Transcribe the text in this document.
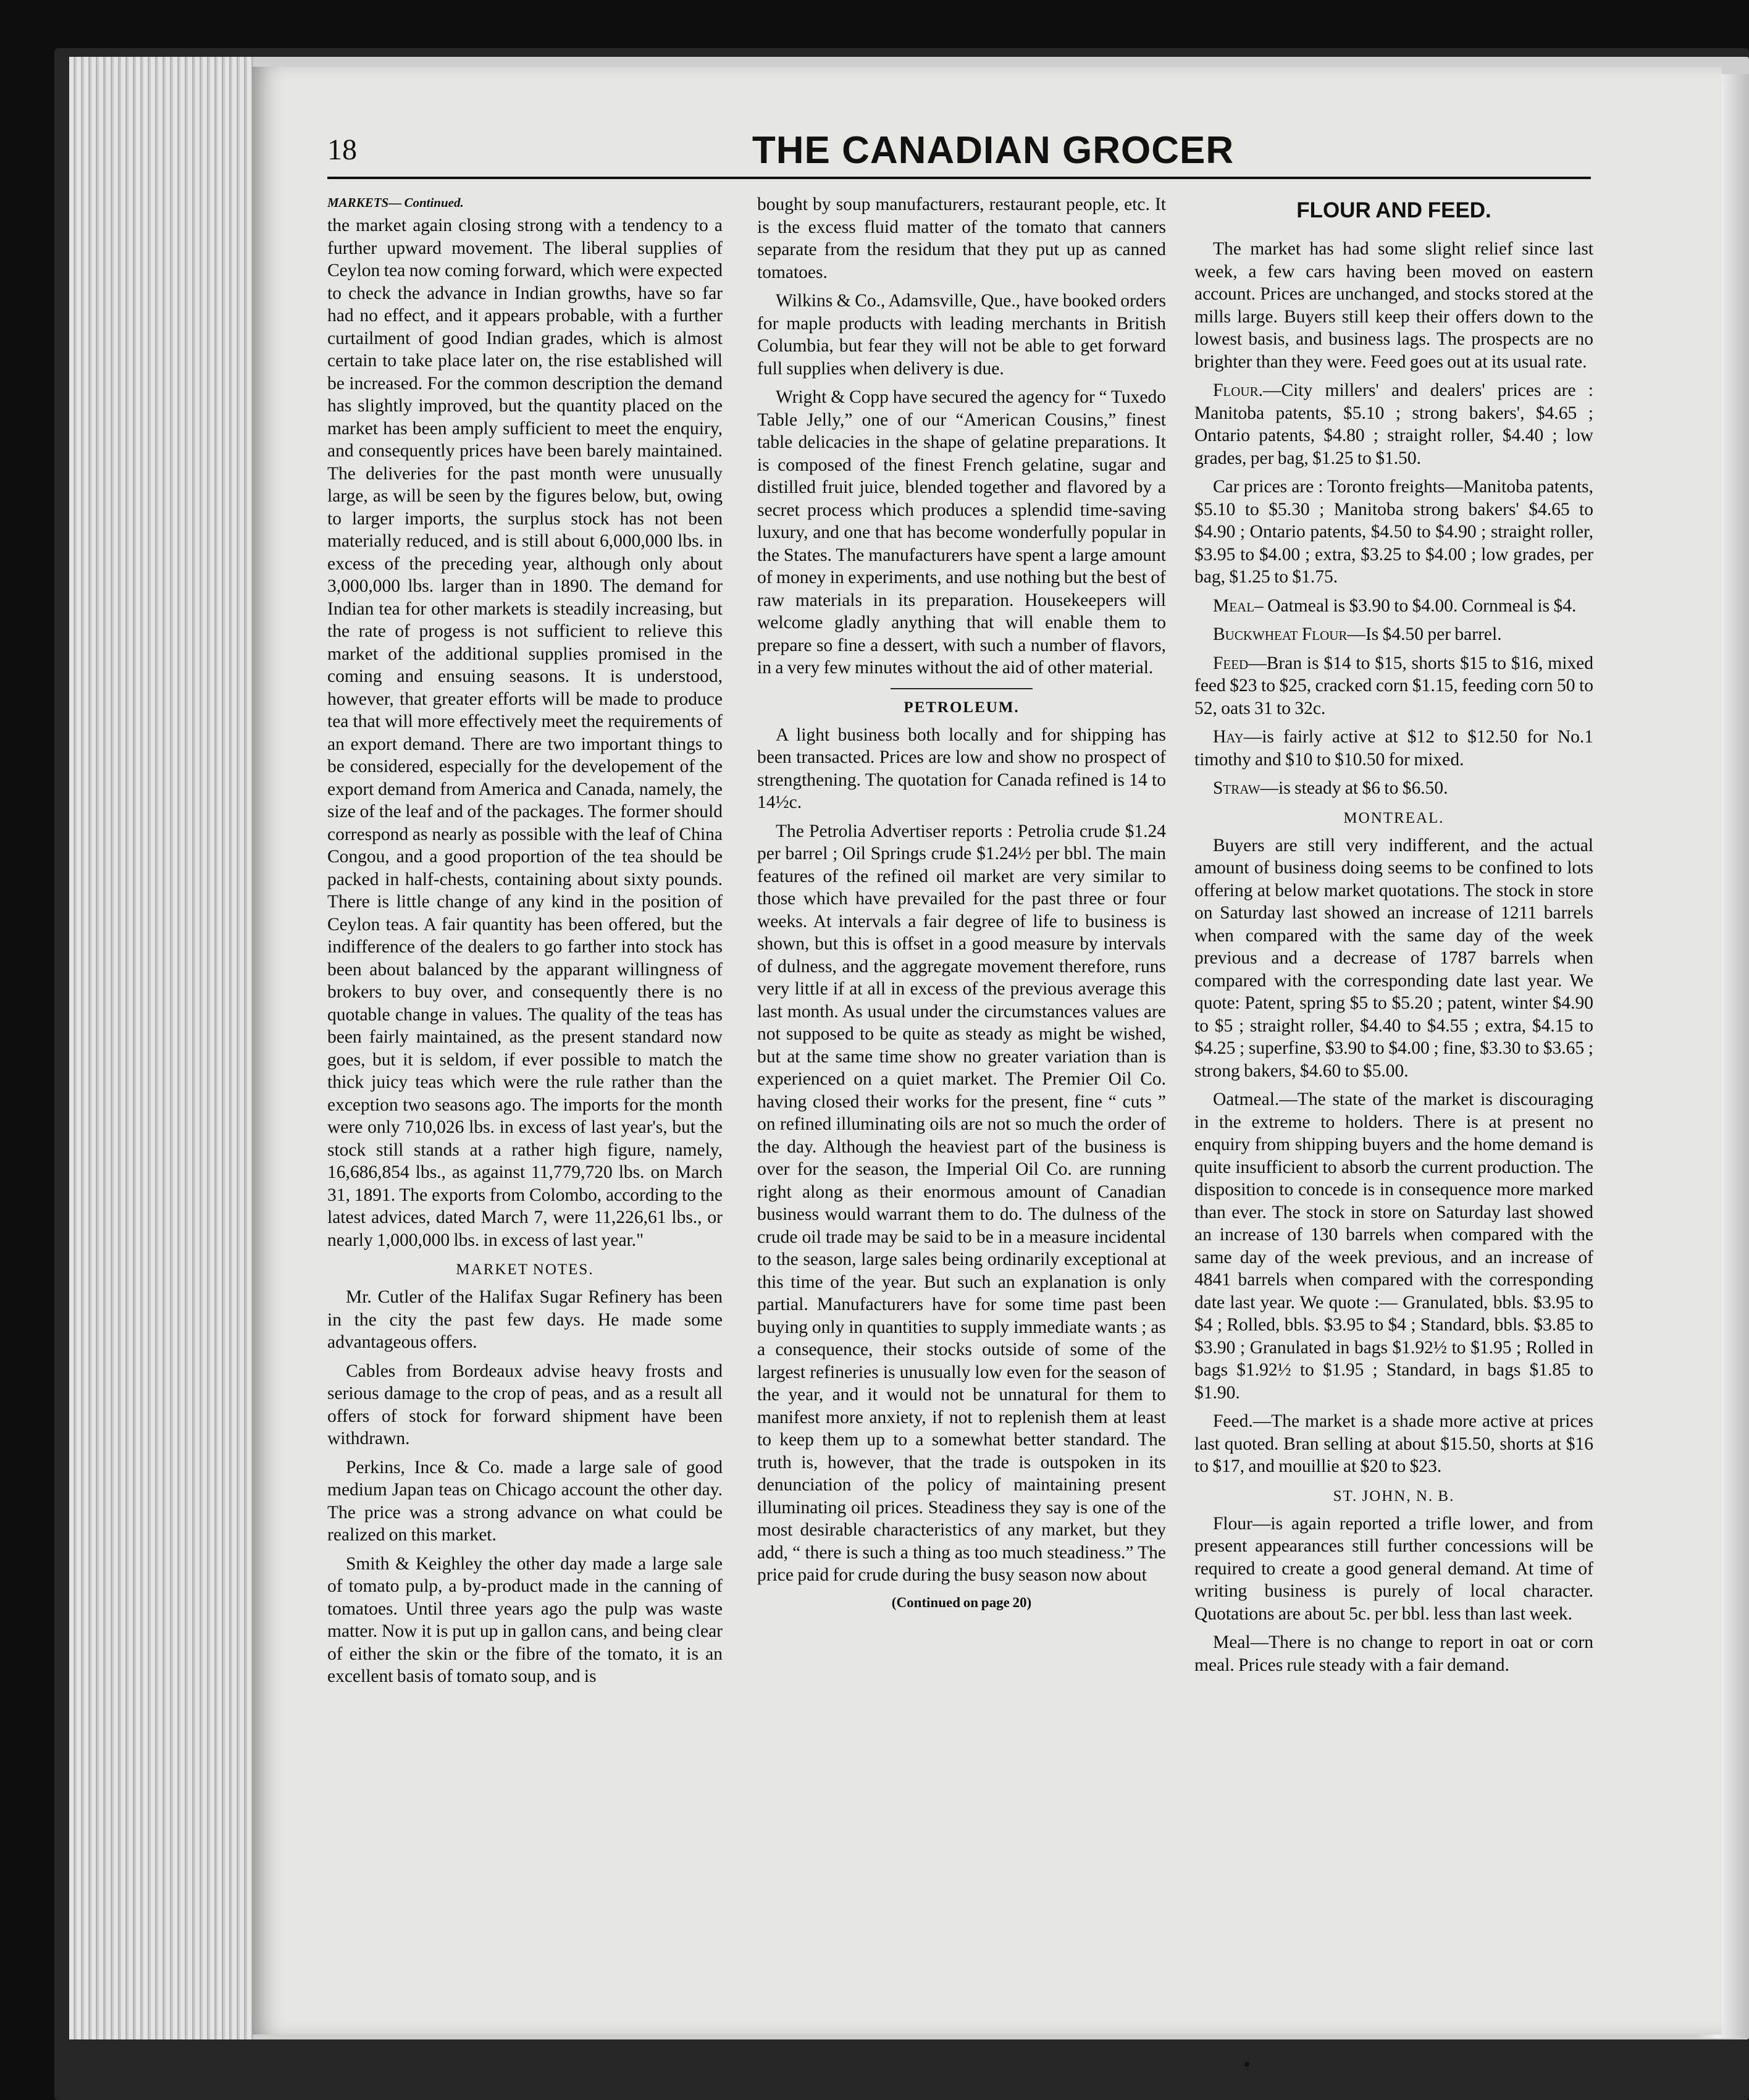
18	THE CANADIAN GROCER
MARKETS— Continued.

the market again closing strong with a tendency to a further upward movement. The liberal supplies of Ceylon tea now coming forward, which were expected to check the advance in Indian growths, have so far had no effect, and it appears probable, with a further curtailment of good Indian grades, which is almost certain to take place later on, the rise established will be increased. For the common description the demand has slightly improved, but the quantity placed on the market has been amply sufficient to meet the enquiry, and consequently prices have been barely maintained. The deliveries for the past month were unusually large, as will be seen by the figures below, but, owing to larger imports, the surplus stock has not been materially reduced, and is still about 6,000,000 lbs. in excess of the preceding year, although only about 3,000,000 lbs. larger than in 1890. The demand for Indian tea for other markets is steadily increasing, but the rate of progess is not sufficient to relieve this market of the additional supplies promised in the coming and ensuing seasons. It is understood, however, that greater efforts will be made to produce tea that will more effectively meet the requirements of an export demand. There are two important things to be considered, especially for the developement of the export demand from America and Canada, namely, the size of the leaf and of the packages. The former should correspond as nearly as possible with the leaf of China Congou, and a good proportion of the tea should be packed in half-chests, containing about sixty pounds. There is little change of any kind in the position of Ceylon teas. A fair quantity has been offered, but the indifference of the dealers to go farther into stock has been about balanced by the apparant willingness of brokers to buy over, and consequently there is no quotable change in values. The quality of the teas has been fairly maintained, as the present standard now goes, but it is seldom, if ever possible to match the thick juicy teas which were the rule rather than the exception two seasons ago. The imports for the month were only 710,026 lbs. in excess of last year's, but the stock still stands at a rather high figure, namely, 16,686,854 lbs., as against 11,779,720 lbs. on March 31, 1891. The exports from Colombo, according to the latest advices, dated March 7, were 11,226,61 lbs., or nearly 1,000,000 lbs. in excess of last year."

MARKET NOTES.

Mr. Cutler of the Halifax Sugar Refinery has been in the city the past few days. He made some advantageous offers.

Cables from Bordeaux advise heavy frosts and serious damage to the crop of peas, and as a result all offers of stock for forward shipment have been withdrawn.

Perkins, Ince & Co. made a large sale of good medium Japan teas on Chicago account the other day. The price was a strong advance on what could be realized on this market.

Smith & Keighley the other day made a large sale of tomato pulp, a by-product made in the canning of tomatoes. Until three years ago the pulp was waste matter. Now it is put up in gallon cans, and being clear of either the skin or the fibre of the tomato, it is an excellent basis of tomato soup, and is

bought by soup manufacturers, restaurant people, etc. It is the excess fluid matter of the tomato that canners separate from the residum that they put up as canned tomatoes.

Wilkins & Co., Adamsville, Que., have booked orders for maple products with leading merchants in British Columbia, but fear they will not be able to get forward full supplies when delivery is due.

Wright & Copp have secured the agency for “ Tuxedo Table Jelly,” one of our “American Cousins,” finest table delicacies in the shape of gelatine preparations. It is composed of the finest French gelatine, sugar and distilled fruit juice, blended together and flavored by a secret process which produces a splendid time-saving luxury, and one that has become wonderfully popular in the States. The manufacturers have spent a large amount of money in experiments, and use nothing but the best of raw materials in its preparation. Housekeepers will welcome gladly anything that will enable them to prepare so fine a dessert, with such a number of flavors, in a very few minutes without the aid of other material.

PETROLEUM.

A light business both locally and for shipping has been transacted. Prices are low and show no prospect of strengthening. The quotation for Canada refined is 14 to 14½c.

The Petrolia Advertiser reports : Petrolia crude $1.24 per barrel ; Oil Springs crude $1.24½ per bbl. The main features of the refined oil market are very similar to those which have prevailed for the past three or four weeks. At intervals a fair degree of life to business is shown, but this is offset in a good measure by intervals of dulness, and the aggregate movement therefore, runs very little if at all in excess of the previous average this last month. As usual under the circumstances values are not supposed to be quite as steady as might be wished, but at the same time show no greater variation than is experienced on a quiet market. The Premier Oil Co. having closed their works for the present, fine “ cuts ” on refined illuminating oils are not so much the order of the day. Although the heaviest part of the business is over for the season, the Imperial Oil Co. are running right along as their enormous amount of Canadian business would warrant them to do. The dulness of the crude oil trade may be said to be in a measure incidental to the season, large sales being ordinarily exceptional at this time of the year. But such an explanation is only partial. Manufacturers have for some time past been buying only in quantities to supply immediate wants ; as a consequence, their stocks outside of some of the largest refineries is unusually low even for the season of the year, and it would not be unnatural for them to manifest more anxiety, if not to replenish them at least to keep them up to a somewhat better standard. The truth is, however, that the trade is outspoken in its denunciation of the policy of maintaining present illuminating oil prices. Steadiness they say is one of the most desirable characteristics of any market, but they add, “ there is such a thing as too much steadiness.” The price paid for crude during the busy season now about

(Continued on page 20)
FLOUR AND FEED.

The market has had some slight relief since last week, a few cars having been moved on eastern account. Prices are unchanged, and stocks stored at the mills large. Buyers still keep their offers down to the lowest basis, and business lags. The prospects are no brighter than they were. Feed goes out at its usual rate.

Flour.—City millers' and dealers' prices are : Manitoba patents, $5.10 ; strong bakers', $4.65 ; Ontario patents, $4.80 ; straight roller, $4.40 ; low grades, per bag, $1.25 to $1.50.

Car prices are : Toronto freights—Manitoba patents, $5.10 to $5.30 ; Manitoba strong bakers' $4.65 to $4.90 ; Ontario patents, $4.50 to $4.90 ; straight roller, $3.95 to $4.00 ; extra, $3.25 to $4.00 ; low grades, per bag, $1.25 to $1.75.

Meal– Oatmeal is $3.90 to $4.00. Cornmeal is $4.

Buckwheat Flour—Is $4.50 per barrel.

Feed—Bran is $14 to $15, shorts $15 to $16, mixed feed $23 to $25, cracked corn $1.15, feeding corn 50 to 52, oats 31 to 32c.

Hay—is fairly active at $12 to $12.50 for No.1 timothy and $10 to $10.50 for mixed.

Straw—is steady at $6 to $6.50.

MONTREAL.

Buyers are still very indifferent, and the actual amount of business doing seems to be confined to lots offering at below market quotations. The stock in store on Saturday last showed an increase of 1211 barrels when compared with the same day of the week previous and a decrease of 1787 barrels when compared with the corresponding date last year. We quote: Patent, spring $5 to $5.20 ; patent, winter $4.90 to $5 ; straight roller, $4.40 to $4.55 ; extra, $4.15 to $4.25 ; superfine, $3.90 to $4.00 ; fine, $3.30 to $3.65 ; strong bakers, $4.60 to $5.00.

Oatmeal.—The state of the market is discouraging in the extreme to holders. There is at present no enquiry from shipping buyers and the home demand is quite insufficient to absorb the current production. The disposition to concede is in consequence more marked than ever. The stock in store on Saturday last showed an increase of 130 barrels when compared with the same day of the week previous, and an increase of 4841 barrels when compared with the corresponding date last year. We quote :— Granulated, bbls. $3.95 to $4 ; Rolled, bbls. $3.95 to $4 ; Standard, bbls. $3.85 to $3.90 ; Granulated in bags $1.92½ to $1.95 ; Rolled in bags $1.92½ to $1.95 ; Standard, in bags $1.85 to $1.90.

Feed.—The market is a shade more active at prices last quoted. Bran selling at about $15.50, shorts at $16 to $17, and mouillie at $20 to $23.

ST. JOHN, N. B.

Flour—is again reported a trifle lower, and from present appearances still further concessions will be required to create a good general demand. At time of writing business is purely of local character. Quotations are about 5c. per bbl. less than last week.

Meal—There is no change to report in oat or corn meal. Prices rule steady with a fair demand.
